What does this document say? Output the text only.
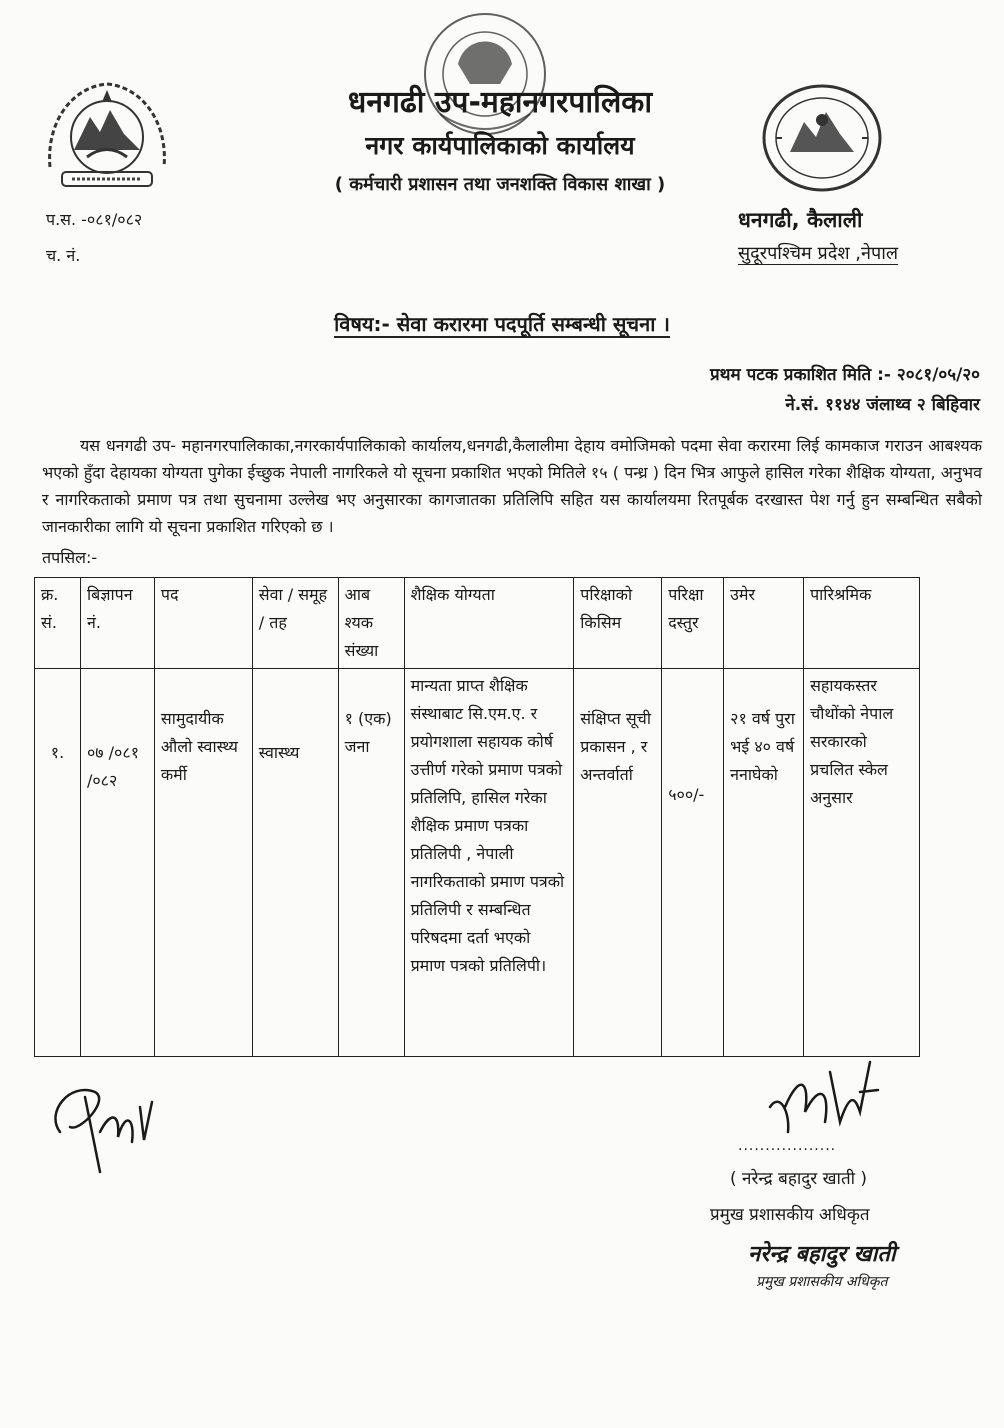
धनगढी उप-महानगरपालिका
नगर कार्यपालिकाको कार्यालय
( कर्मचारी प्रशासन तथा जनशक्ति विकास शाखा )
प.स. -०८१/०८२
च. नं.
धनगढी, कैलाली
सुदूरपश्चिम प्रदेश ,नेपाल
विषय:- सेवा करारमा पदपूर्ति सम्बन्धी सूचना ।
प्रथम पटक प्रकाशित मिति :- २०८१/०५/२०
ने.सं. ११४४ जंलाथ्व २ बिहिवार

यस धनगढी उप- महानगरपालिकाका,नगरकार्यपालिकाको कार्यालय,धनगढी,कैलालीमा देहाय वमोजिमको पदमा सेवा करारमा लिई कामकाज गराउन आबश्यक भएको हुँदा देहायका योग्यता पुगेका ईच्छुक नेपाली नागरिकले यो सूचना प्रकाशित भएको मितिले १५ ( पन्ध्र ) दिन भित्र आफुले हासिल गरेका शैक्षिक योग्यता, अनुभव र नागरिकताको प्रमाण पत्र तथा सुचनामा उल्लेख भए अनुसारका कागजातका प्रतिलिपि सहित यस कार्यालयमा रितपूर्बक दरखास्त पेश गर्नु हुन सम्बन्धित सबैको जानकारीका लागि यो सूचना प्रकाशित गरिएको छ ।

तपसिल:-
क्र. सं.	बिज्ञापन नं.	पद	सेवा / समूह / तह	आब श्यक संख्या	शैक्षिक योग्यता	परिक्षाको किसिम	परिक्षा दस्तुर	उमेर	पारिश्रमिक
१.	०७ /०८१ /०८२	सामुदायीक औलो स्वास्थ्य कर्मी	स्वास्थ्य	१ (एक) जना	मान्यता प्राप्त शैक्षिक संस्थाबाट सि.एम.ए. र प्रयोगशाला सहायक कोर्ष उत्तीर्ण गरेको प्रमाण पत्रको प्रतिलिपि, हासिल गरेका शैक्षिक प्रमाण पत्रका प्रतिलिपी , नेपाली नागरिकताको प्रमाण पत्रको प्रतिलिपी र सम्बन्धित परिषदमा दर्ता भएको प्रमाण पत्रको प्रतिलिपी।	संक्षिप्त सूची प्रकासन , र अन्तर्वार्ता	५००/-	२१ वर्ष पुरा भई ४० वर्ष ननाघेको	सहायकस्तर चौथोंको नेपाल सरकारको प्रचलित स्केल अनुसार
..................
( नरेन्द्र बहादुर खाती )
प्रमुख प्रशासकीय अधिकृत
नरेन्द्र बहादुर खाती
प्रमुख प्रशासकीय अधिकृत
